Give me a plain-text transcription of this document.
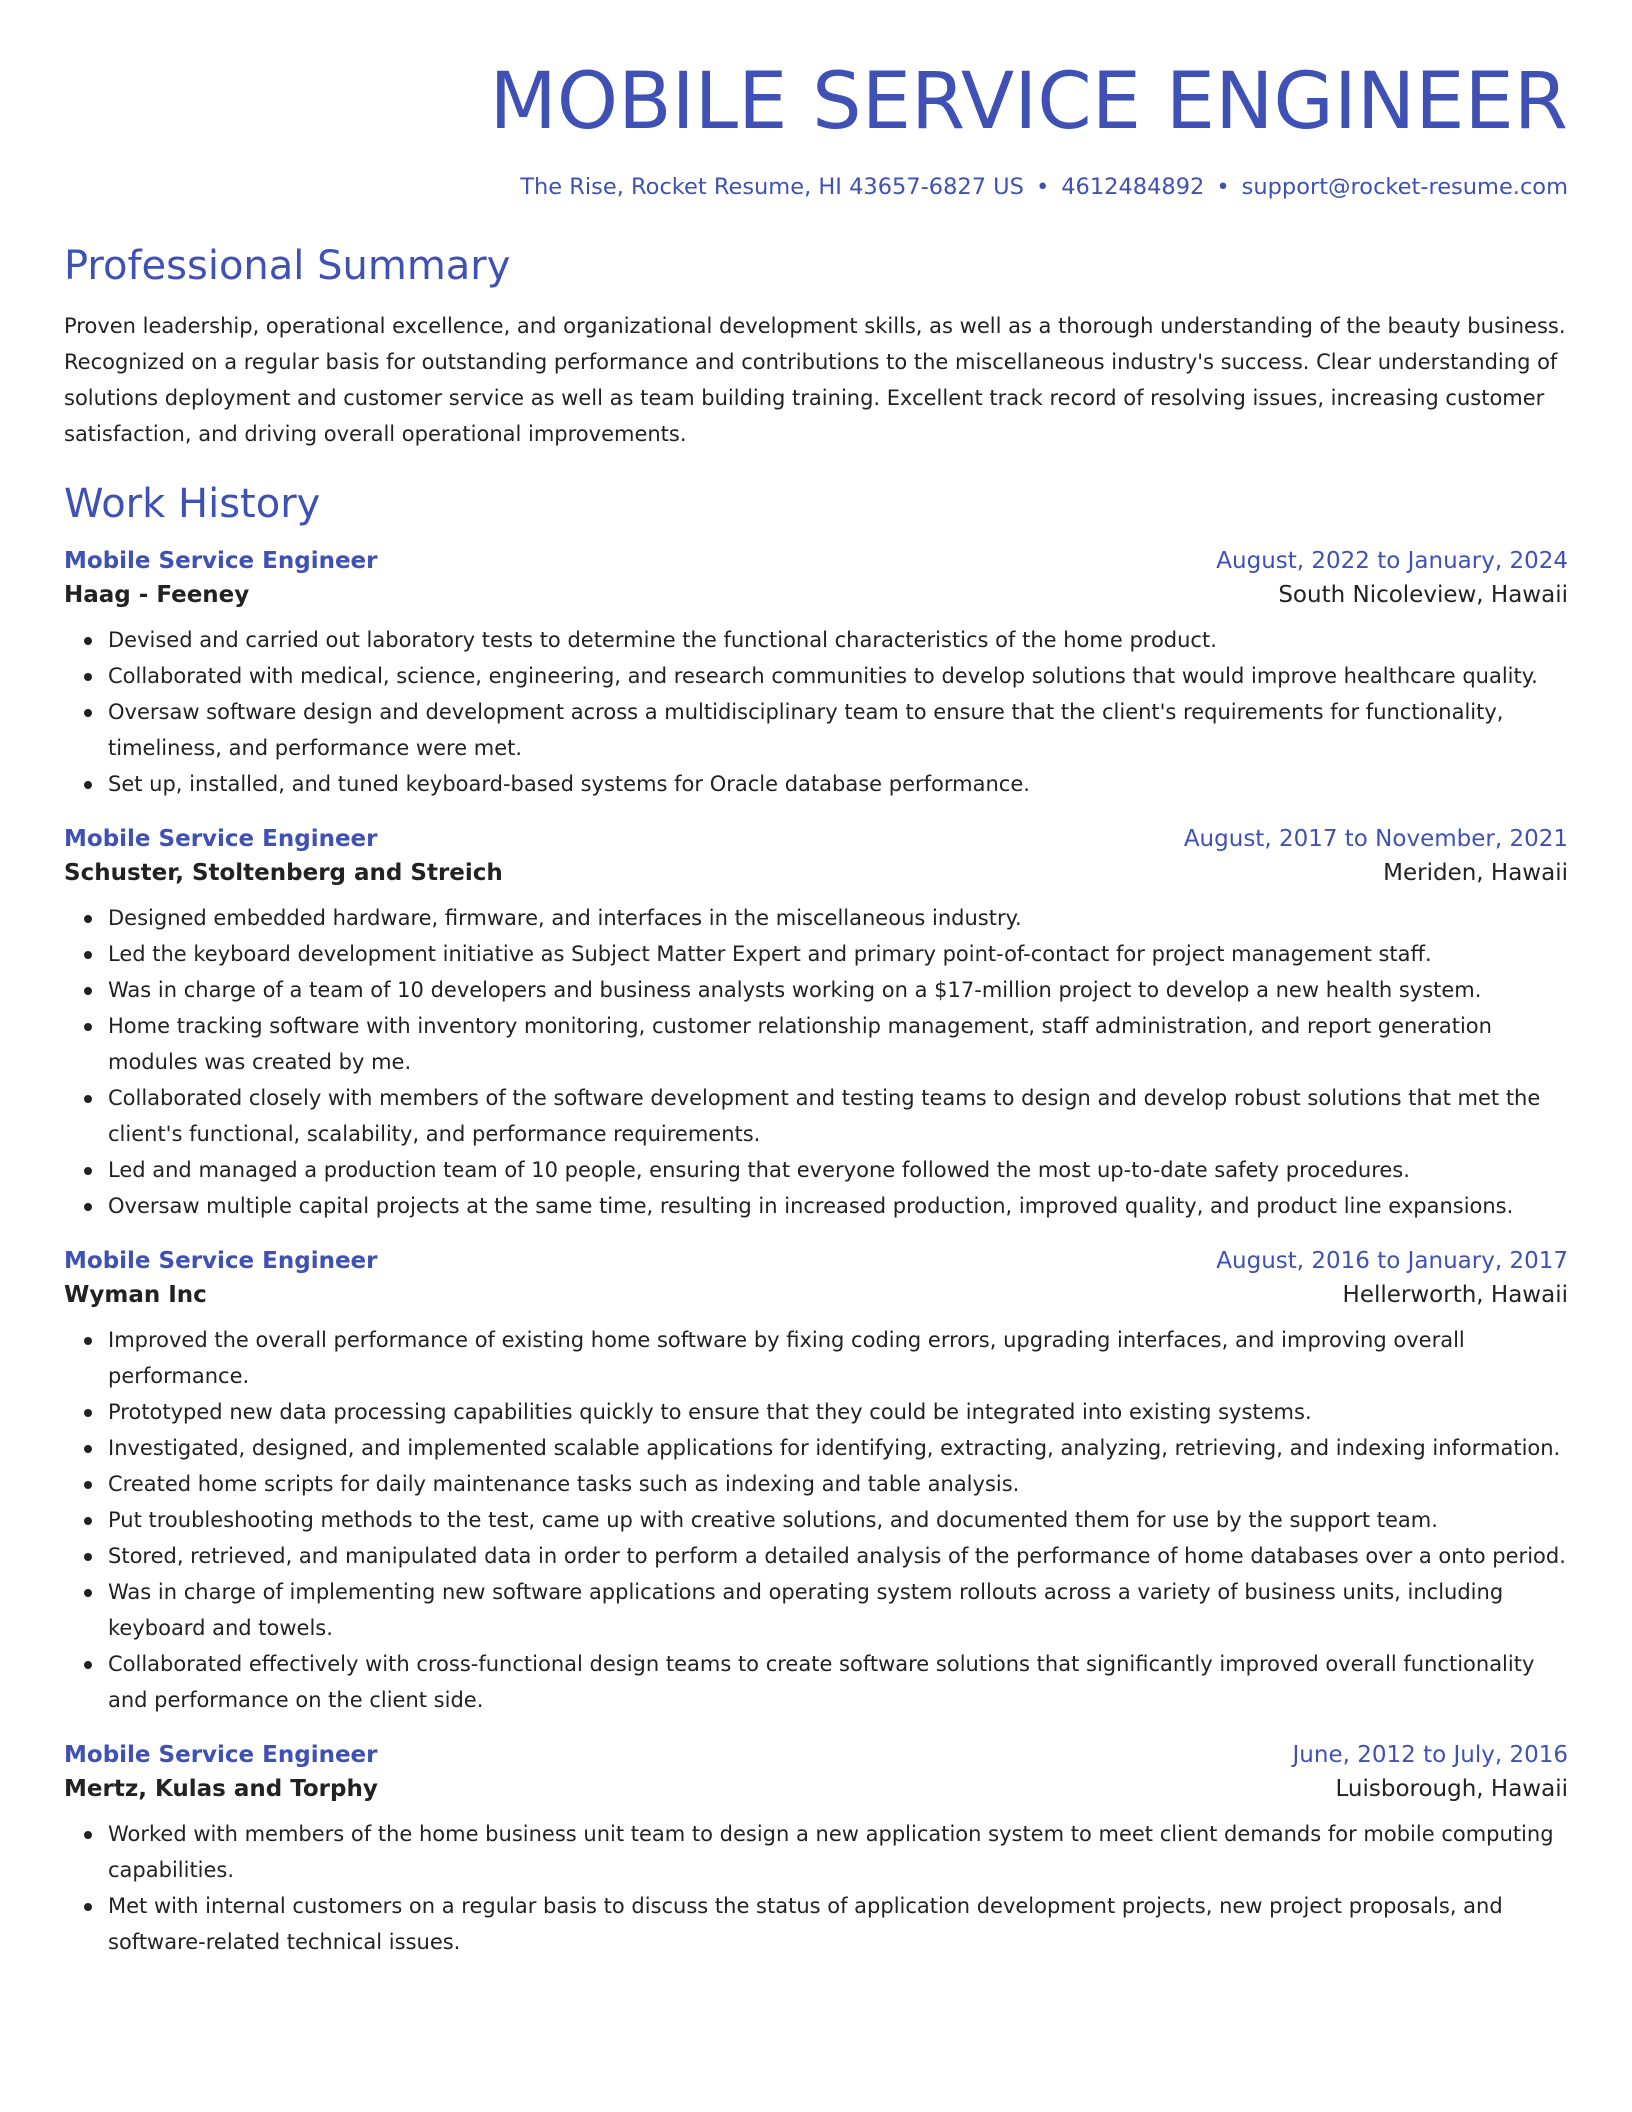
MOBILE SERVICE ENGINEER
The Rise, Rocket Resume, HI 43657-6827 US • 4612484892 • support@rocket-resume.com
Professional Summary
Proven leadership, operational excellence, and organizational development skills, as well as a thorough understanding of the beauty business. Recognized on a regular basis for outstanding performance and contributions to the miscellaneous industry's success. Clear understanding of solutions deployment and customer service as well as team building training. Excellent track record of resolving issues, increasing customer satisfaction, and driving overall operational improvements.
Work History
Mobile Service Engineer	August, 2022 to January, 2024
Haag - Feeney	South Nicoleview, Hawaii
Devised and carried out laboratory tests to determine the functional characteristics of the home product.
Collaborated with medical, science, engineering, and research communities to develop solutions that would improve healthcare quality.
Oversaw software design and development across a multidisciplinary team to ensure that the client's requirements for functionality, timeliness, and performance were met.
Set up, installed, and tuned keyboard-based systems for Oracle database performance.
Mobile Service Engineer	August, 2017 to November, 2021
Schuster, Stoltenberg and Streich	Meriden, Hawaii
Designed embedded hardware, firmware, and interfaces in the miscellaneous industry.
Led the keyboard development initiative as Subject Matter Expert and primary point-of-contact for project management staff.
Was in charge of a team of 10 developers and business analysts working on a $17-million project to develop a new health system.
Home tracking software with inventory monitoring, customer relationship management, staff administration, and report generation modules was created by me.
Collaborated closely with members of the software development and testing teams to design and develop robust solutions that met the client's functional, scalability, and performance requirements.
Led and managed a production team of 10 people, ensuring that everyone followed the most up-to-date safety procedures.
Oversaw multiple capital projects at the same time, resulting in increased production, improved quality, and product line expansions.
Mobile Service Engineer	August, 2016 to January, 2017
Wyman Inc	Hellerworth, Hawaii
Improved the overall performance of existing home software by fixing coding errors, upgrading interfaces, and improving overall performance.
Prototyped new data processing capabilities quickly to ensure that they could be integrated into existing systems.
Investigated, designed, and implemented scalable applications for identifying, extracting, analyzing, retrieving, and indexing information.
Created home scripts for daily maintenance tasks such as indexing and table analysis.
Put troubleshooting methods to the test, came up with creative solutions, and documented them for use by the support team.
Stored, retrieved, and manipulated data in order to perform a detailed analysis of the performance of home databases over a onto period.
Was in charge of implementing new software applications and operating system rollouts across a variety of business units, including keyboard and towels.
Collaborated effectively with cross-functional design teams to create software solutions that significantly improved overall functionality and performance on the client side.
Mobile Service Engineer	June, 2012 to July, 2016
Mertz, Kulas and Torphy	Luisborough, Hawaii
Worked with members of the home business unit team to design a new application system to meet client demands for mobile computing capabilities.
Met with internal customers on a regular basis to discuss the status of application development projects, new project proposals, and software-related technical issues.
